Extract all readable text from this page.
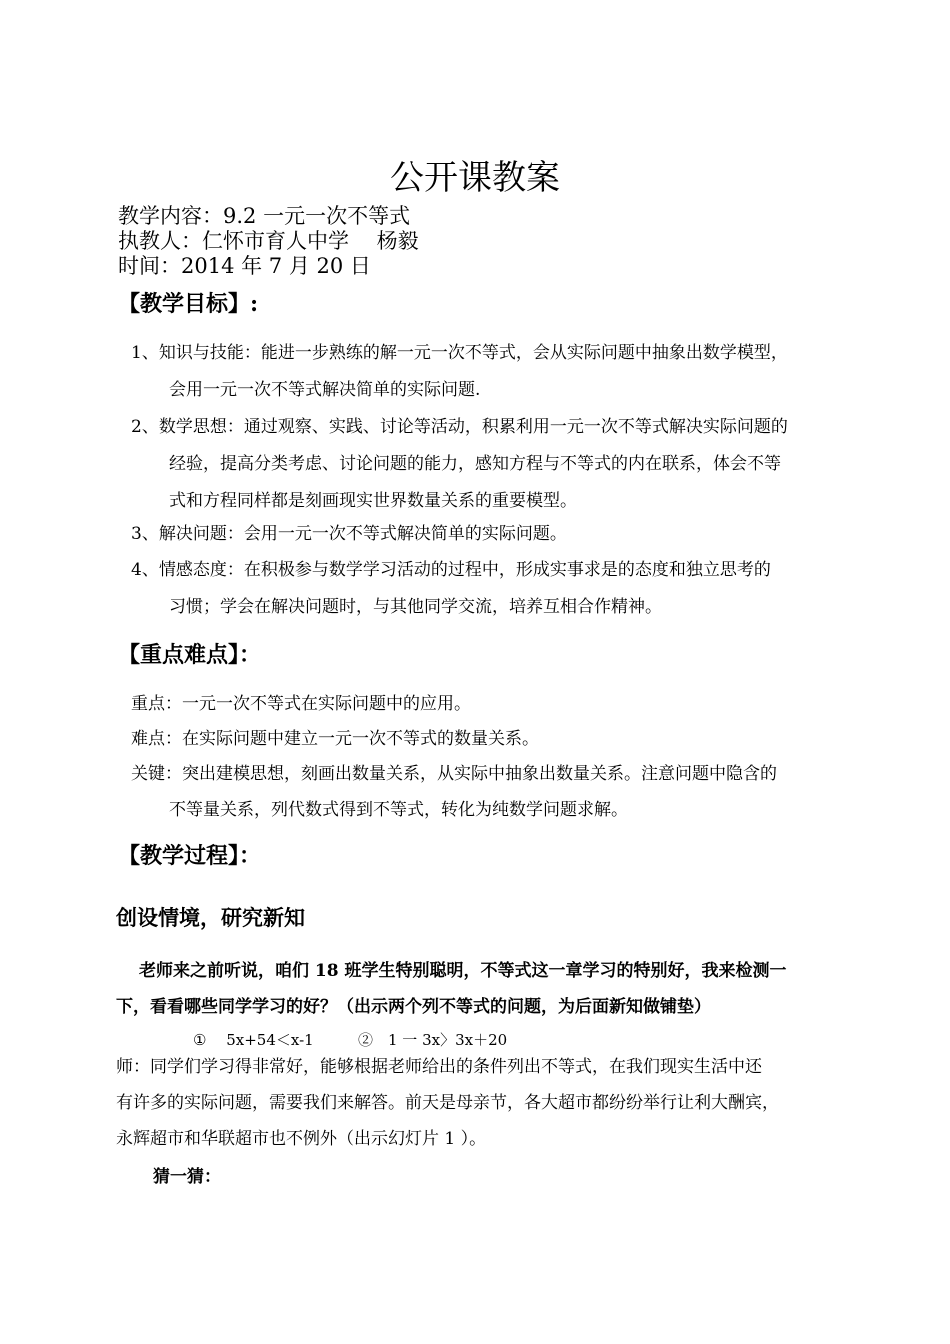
公开课教案
教学内容：9.2 一元一次不等式
执教人：仁怀市育人中学　 杨毅
时间：2014 年 7 月 20 日
【教学目标】:
1、知识与技能：能进一步熟练的解一元一次不等式，会从实际问题中抽象出数学模型，
会用一元一次不等式解决简单的实际问题.
2、数学思想：通过观察、实践、讨论等活动，积累利用一元一次不等式解决实际问题的
经验，提高分类考虑、讨论问题的能力，感知方程与不等式的内在联系，体会不等
式和方程同样都是刻画现实世界数量关系的重要模型。
3、解决问题：会用一元一次不等式解决简单的实际问题。
4、情感态度：在积极参与数学学习活动的过程中，形成实事求是的态度和独立思考的
习惯；学会在解决问题时，与其他同学交流，培养互相合作精神。
【重点难点】：
重点：一元一次不等式在实际问题中的应用。
难点：在实际问题中建立一元一次不等式的数量关系。
关键：突出建模思想，刻画出数量关系，从实际中抽象出数量关系。注意问题中隐含的
不等量关系，列代数式得到不等式，转化为纯数学问题求解。
【教学过程】：
创设情境，研究新知
老师来之前听说，咱们 18 班学生特别聪明，不等式这一章学习的特别好，我来检测一
下，看看哪些同学学习的好？（出示两个列不等式的问题，为后面新知做铺垫）
①　 5x+54＜x-1	②　1 一 3x〉3x＋20
师：同学们学习得非常好，能够根据老师给出的条件列出不等式，在我们现实生活中还
有许多的实际问题，需要我们来解答。前天是母亲节，各大超市都纷纷举行让利大酬宾，
永辉超市和华联超市也不例外（出示幻灯片 1 ）。
猜一猜：
